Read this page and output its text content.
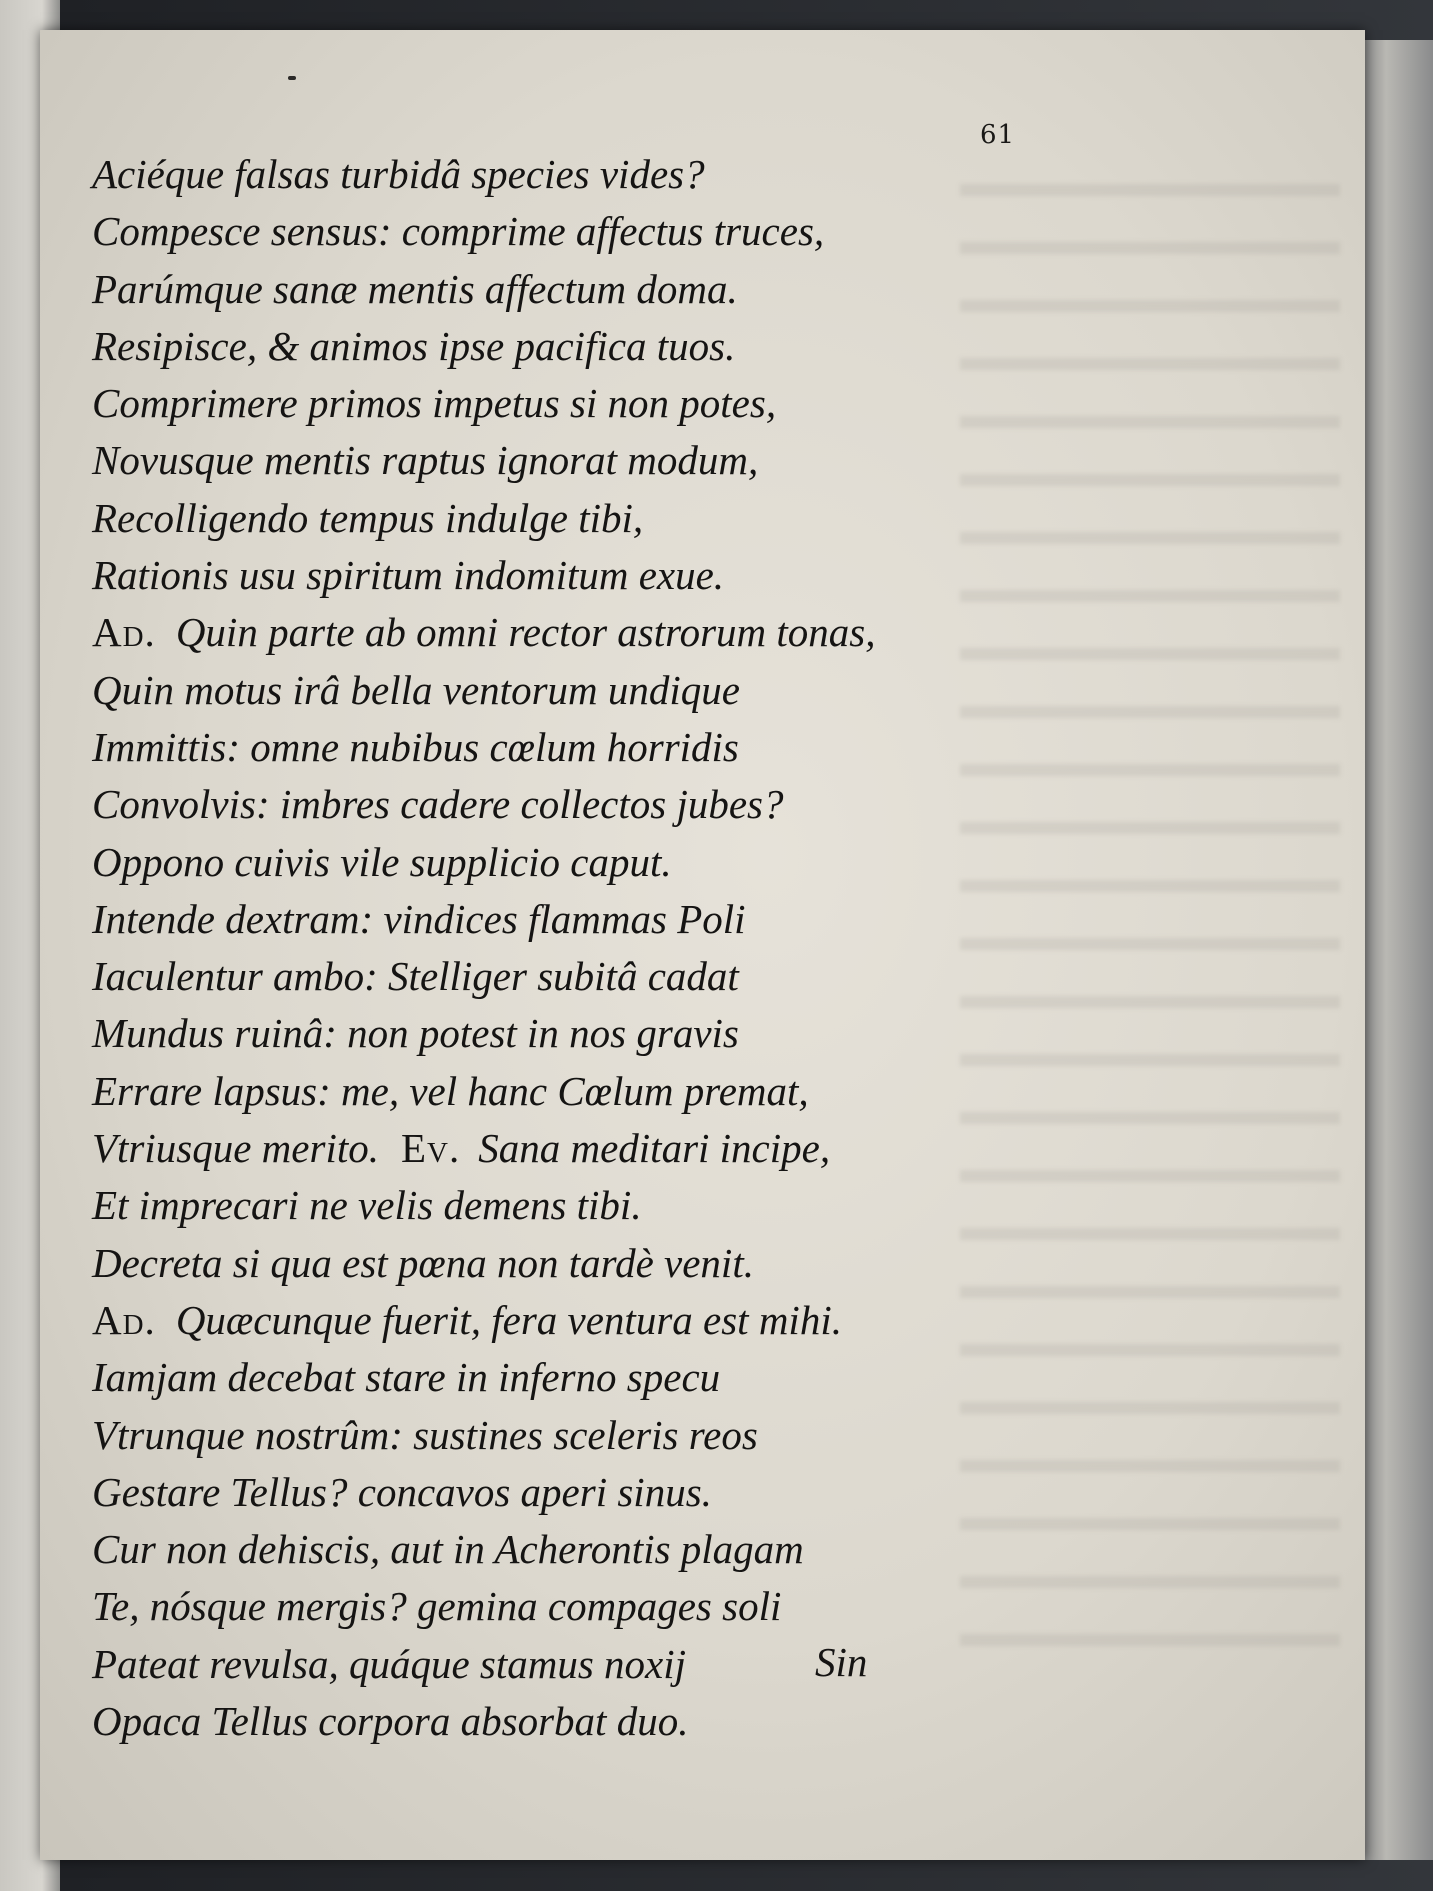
61
Aciéque falsas turbidâ species vides?
Compesce sensus: comprime affectus truces,
Parúmque sanæ mentis affectum doma.
Resipisce, & animos ipse pacifica tuos.
Comprimere primos impetus si non potes,
Novusque mentis raptus ignorat modum,
Recolligendo tempus indulge tibi,
Rationis usu spiritum indomitum exue.
Ad. Quin parte ab omni rector astrorum tonas,
Quin motus irâ bella ventorum undique
Immittis: omne nubibus cœlum horridis
Convolvis: imbres cadere collectos jubes?
Oppono cuivis vile supplicio caput.
Intende dextram: vindices flammas Poli
Iaculentur ambo: Stelliger subitâ cadat
Mundus ruinâ: non potest in nos gravis
Errare lapsus: me, vel hanc Cœlum premat,
Vtriusque merito. Ev. Sana meditari incipe,
Et imprecari ne velis demens tibi.
Decreta si qua est pœna non tardè venit.
Ad. Quæcunque fuerit, fera ventura est mihi.
Iamjam decebat stare in inferno specu
Vtrunque nostrûm: sustines sceleris reos
Gestare Tellus? concavos aperi sinus.
Cur non dehiscis, aut in Acherontis plagam
Te, nósque mergis? gemina compages soli
Pateat revulsa, quáque stamus noxij
Opaca Tellus corpora absorbat duo.
Sin
